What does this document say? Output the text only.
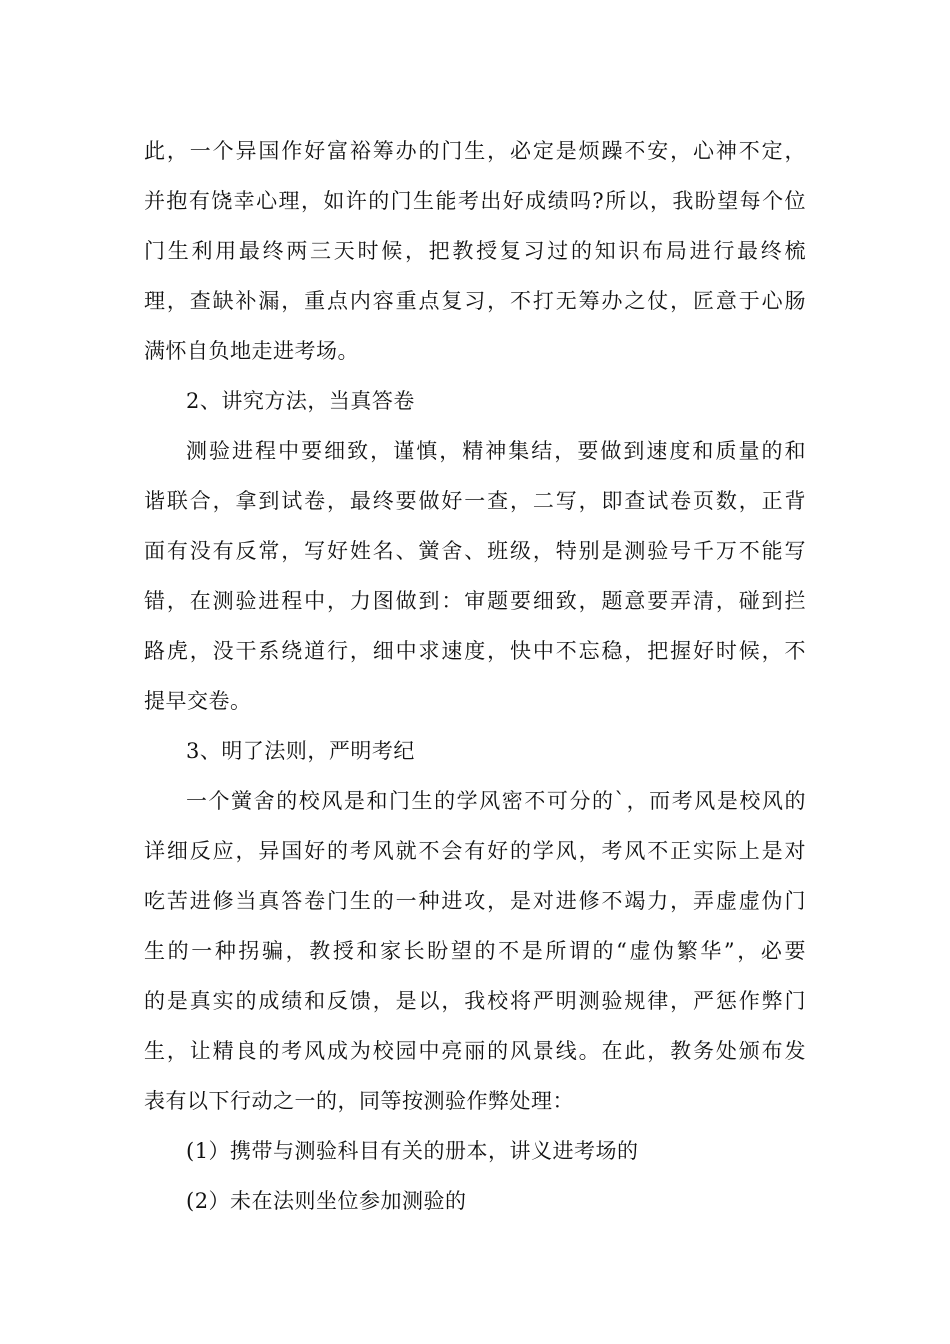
此，一个异国作好富裕筹办的门生，必定是烦躁不安，心神不定，
并抱有饶幸心理，如许的门生能考出好成绩吗?所以，我盼望每个位
门生利用最终两三天时候，把教授复习过的知识布局进行最终梳
理，查缺补漏，重点内容重点复习，不打无筹办之仗，匠意于心肠
满怀自负地走进考场。
2、讲究方法，当真答卷
测验进程中要细致，谨慎，精神集结，要做到速度和质量的和
谐联合，拿到试卷，最终要做好一查，二写，即查试卷页数，正背
面有没有反常，写好姓名、黉舍、班级，特别是测验号千万不能写
错，在测验进程中，力图做到：审题要细致，题意要弄清，碰到拦
路虎，没干系绕道行，细中求速度，快中不忘稳，把握好时候，不
提早交卷。
3、明了法则，严明考纪
一个黉舍的校风是和门生的学风密不可分的`，而考风是校风的
详细反应，异国好的考风就不会有好的学风，考风不正实际上是对
吃苦进修当真答卷门生的一种进攻，是对进修不竭力，弄虚虚伪门
生的一种拐骗，教授和家长盼望的不是所谓的“虚伪繁华”，必要
的是真实的成绩和反馈，是以，我校将严明测验规律，严惩作弊门
生，让精良的考风成为校园中亮丽的风景线。在此，教务处颁布发
表有以下行动之一的，同等按测验作弊处理：
(1）携带与测验科目有关的册本，讲义进考场的
(2）未在法则坐位参加测验的
